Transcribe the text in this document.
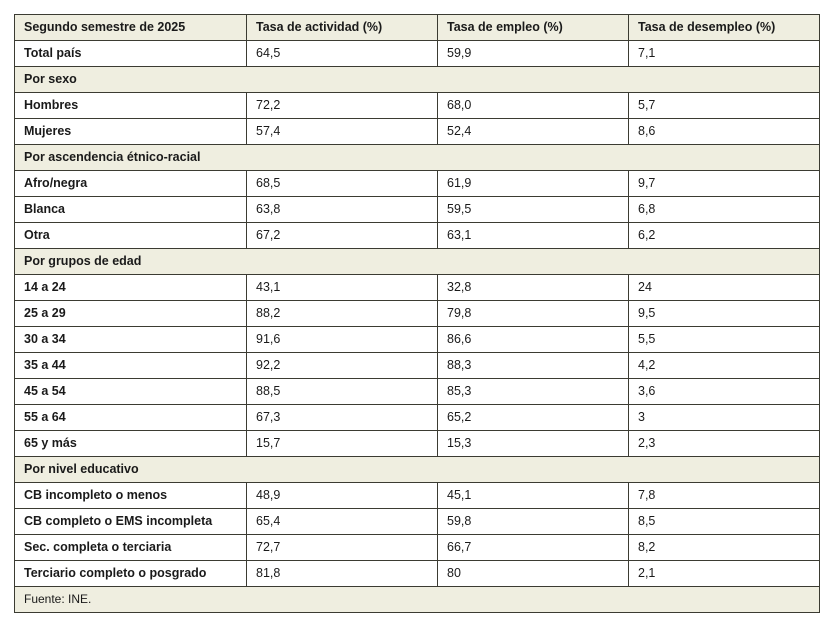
Segundo semestre de 2025	Tasa de actividad (%)	Tasa de empleo (%)	Tasa de desempleo (%)
Total país	64,5	59,9	7,1
Por sexo			
Hombres	72,2	68,0	5,7
Mujeres	57,4	52,4	8,6
Por ascendencia étnico-racial			
Afro/negra	68,5	61,9	9,7
Blanca	63,8	59,5	6,8
Otra	67,2	63,1	6,2
Por grupos de edad			
14 a 24	43,1	32,8	24
25 a 29	88,2	79,8	9,5
30 a 34	91,6	86,6	5,5
35 a 44	92,2	88,3	4,2
45 a 54	88,5	85,3	3,6
55 a 64	67,3	65,2	3
65 y más	15,7	15,3	2,3
Por nivel educativo			
CB incompleto o menos	48,9	45,1	7,8
CB completo o EMS incompleta	65,4	59,8	8,5
Sec. completa o terciaria	72,7	66,7	8,2
Terciario completo o posgrado	81,8	80	2,1
Fuente: INE.			
